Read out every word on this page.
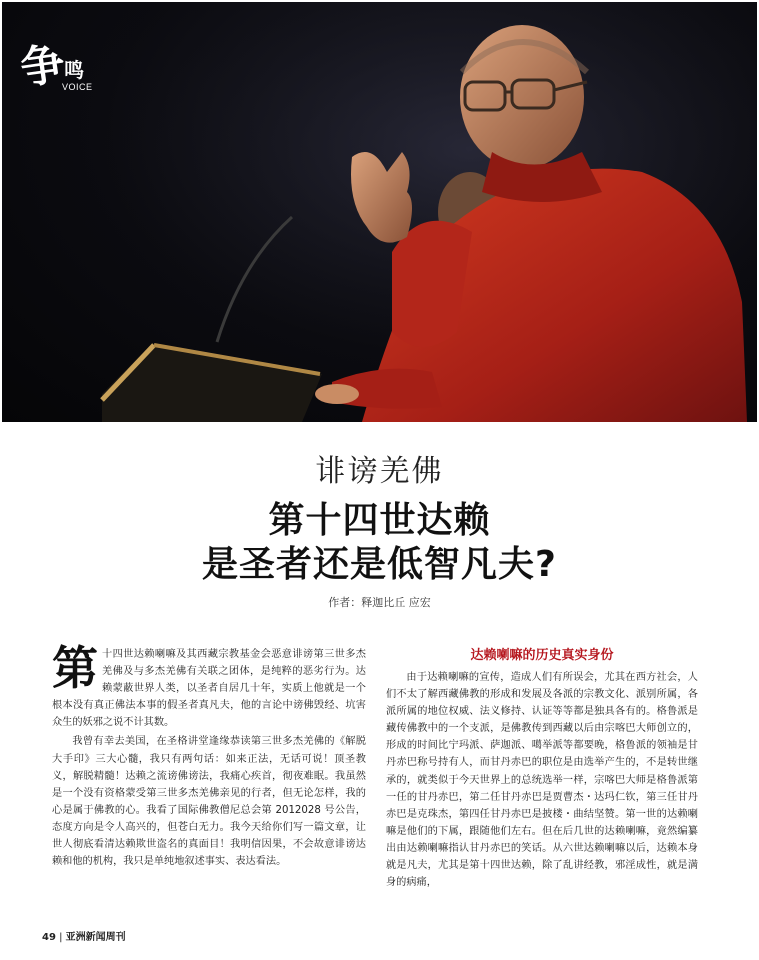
争
鸣
VOICE
诽谤羌佛
第十四世达赖
是圣者还是低智凡夫?
作者：释迦比丘 应宏
第 十四世达赖喇嘛及其西藏宗教基金会恶意诽谤第三世多杰羌佛及与多杰羌佛有关联之团体，是纯粹的恶劣行为。达赖蒙蔽世界人类，以圣者自居几十年，实质上他就是一个根本没有真正佛法本事的假圣者真凡夫，他的言论中谤佛毁经、坑害众生的妖邪之说不计其数。

我曾有幸去美国，在圣格讲堂逢缘恭读第三世多杰羌佛的《解脱大手印》三大心髓，我只有两句话：如来正法，无话可说！顶圣教义，解脱精髓！达赖之流谤佛谤法，我痛心疾首，彻夜难眠。我虽然是一个没有资格蒙受第三世多杰羌佛亲见的行者，但无论怎样，我的心是属于佛教的心。我看了国际佛教僧尼总会第 2012028 号公告，态度方向是令人高兴的，但苍白无力。我今天给你们写一篇文章，让世人彻底看清达赖欺世盗名的真面目！我明信因果，不会故意诽谤达赖和他的机构，我只是单纯地叙述事实、表达看法。

达赖喇嘛的历史真实身份

由于达赖喇嘛的宣传，造成人们有所误会，尤其在西方社会，人们不太了解西藏佛教的形成和发展及各派的宗教文化、派别所属，各派所属的地位权威、法义修持、认证等等都是独具各有的。格鲁派是藏传佛教中的一个支派，是佛教传到西藏以后由宗喀巴大师创立的，形成的时间比宁玛派、萨迦派、噶举派等都要晚，格鲁派的领袖是甘丹赤巴称号持有人，而甘丹赤巴的职位是由选举产生的，不是转世继承的，就类似于今天世界上的总统选举一样，宗喀巴大师是格鲁派第一任的甘丹赤巴，第二任甘丹赤巴是贾曹杰・达玛仁钦，第三任甘丹赤巴是克珠杰，第四任甘丹赤巴是披楼・曲结坚赞。第一世的达赖喇嘛是他们的下属，跟随他们左右。但在后几世的达赖喇嘛，竟然编纂出由达赖喇嘛指认甘丹赤巴的笑话。从六世达赖喇嘛以后，达赖本身就是凡夫，尤其是第十四世达赖，除了乱讲经教，邪淫成性，就是满身的病痛，

49 | 亚洲新闻周刊
